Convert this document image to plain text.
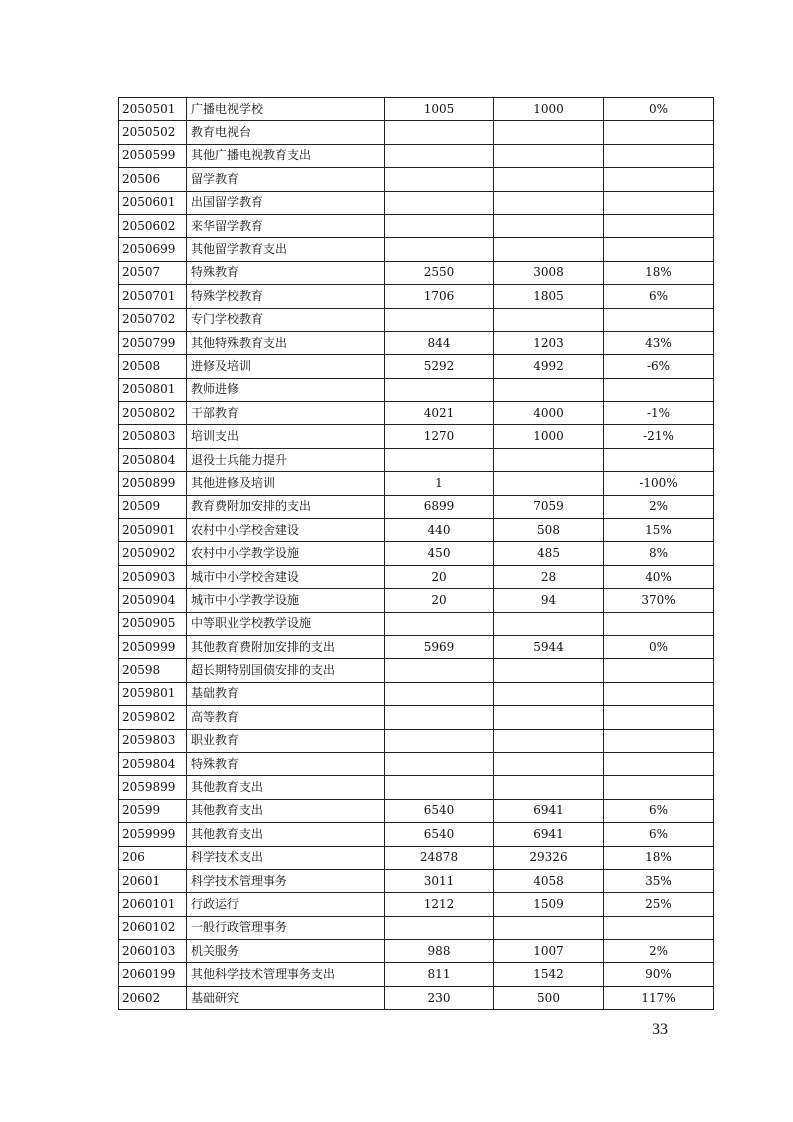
2050501	广播电视学校	1005	1000	0%
2050502	教育电视台			
2050599	其他广播电视教育支出			
20506	留学教育			
2050601	出国留学教育			
2050602	来华留学教育			
2050699	其他留学教育支出			
20507	特殊教育	2550	3008	18%
2050701	特殊学校教育	1706	1805	6%
2050702	专门学校教育			
2050799	其他特殊教育支出	844	1203	43%
20508	进修及培训	5292	4992	-6%
2050801	教师进修			
2050802	干部教育	4021	4000	-1%
2050803	培训支出	1270	1000	-21%
2050804	退役士兵能力提升			
2050899	其他进修及培训	1		-100%
20509	教育费附加安排的支出	6899	7059	2%
2050901	农村中小学校舍建设	440	508	15%
2050902	农村中小学教学设施	450	485	8%
2050903	城市中小学校舍建设	20	28	40%
2050904	城市中小学教学设施	20	94	370%
2050905	中等职业学校教学设施			
2050999	其他教育费附加安排的支出	5969	5944	0%
20598	超长期特别国债安排的支出			
2059801	基础教育			
2059802	高等教育			
2059803	职业教育			
2059804	特殊教育			
2059899	其他教育支出			
20599	其他教育支出	6540	6941	6%
2059999	其他教育支出	6540	6941	6%
206	科学技术支出	24878	29326	18%
20601	科学技术管理事务	3011	4058	35%
2060101	行政运行	1212	1509	25%
2060102	一般行政管理事务			
2060103	机关服务	988	1007	2%
2060199	其他科学技术管理事务支出	811	1542	90%
20602	基础研究	230	500	117%
33
